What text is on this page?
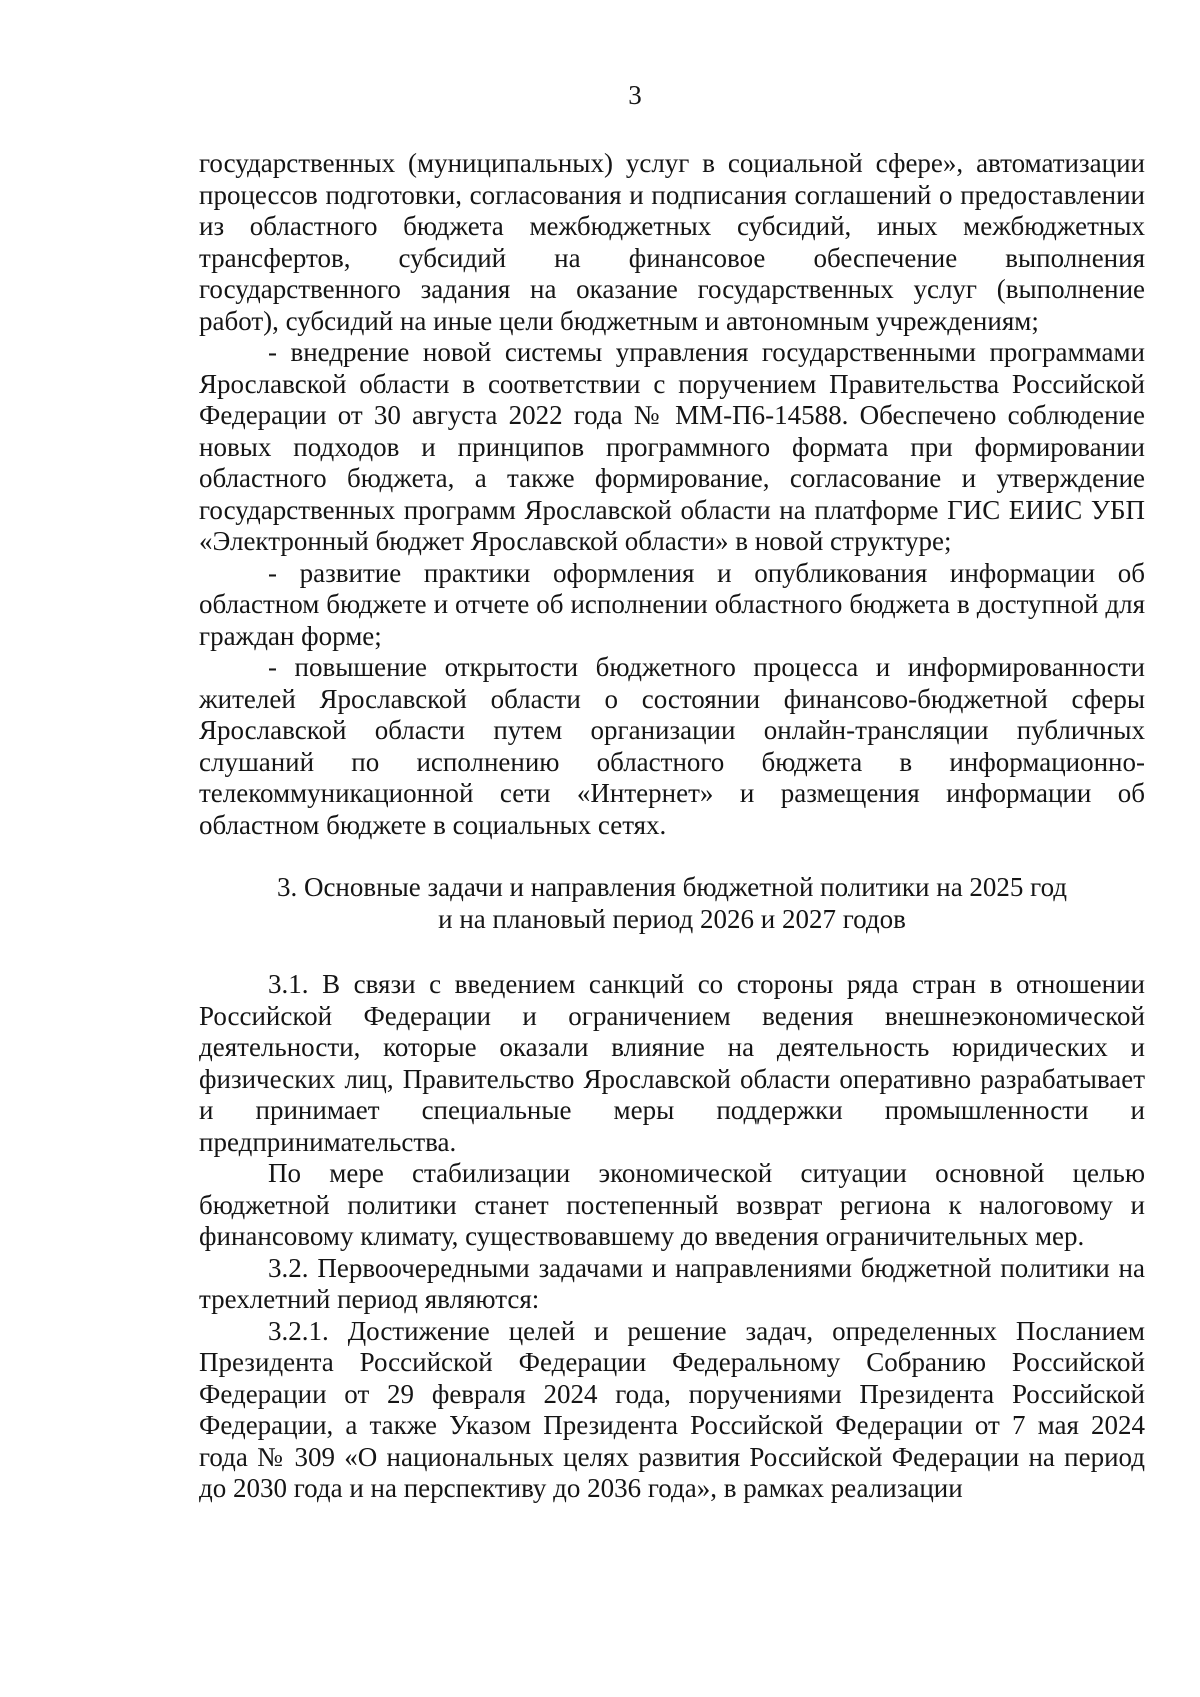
3

государственных (муниципальных) услуг в социальной сфере», автоматизации процессов подготовки, согласования и подписания соглашений о предоставлении из областного бюджета межбюджетных субсидий, иных межбюджетных трансфертов, субсидий на финансовое обеспечение выполнения государственного задания на оказание государственных услуг (выполнение работ), субсидий на иные цели бюджетным и автономным учреждениям;

- внедрение новой системы управления государственными программами Ярославской области в соответствии с поручением Правительства Российской Федерации от 30 августа 2022 года № ММ-П6-14588. Обеспечено соблюдение новых подходов и принципов программного формата при формировании областного бюджета, а также формирование, согласование и утверждение государственных программ Ярославской области на платформе ГИС ЕИИС УБП «Электронный бюджет Ярославской области» в новой структуре;

- развитие практики оформления и опубликования информации об областном бюджете и отчете об исполнении областного бюджета в доступной для граждан форме;

- повышение открытости бюджетного процесса и информированности жителей Ярославской области о состоянии финансово-бюджетной сферы Ярославской области путем организации онлайн-трансляции публичных слушаний по исполнению областного бюджета в информационно-телекоммуникационной сети «Интернет» и размещения информации об областном бюджете в социальных сетях.

3. Основные задачи и направления бюджетной политики на 2025 год
и на плановый период 2026 и 2027 годов

3.1. В связи с введением санкций со стороны ряда стран в отношении Российской Федерации и ограничением ведения внешнеэкономической деятельности, которые оказали влияние на деятельность юридических и физических лиц, Правительство Ярославской области оперативно разрабатывает и принимает специальные меры поддержки промышленности и предпринимательства.

По мере стабилизации экономической ситуации основной целью бюджетной политики станет постепенный возврат региона к налоговому и финансовому климату, существовавшему до введения ограничительных мер.

3.2. Первоочередными задачами и направлениями бюджетной политики на трехлетний период являются:

3.2.1. Достижение целей и решение задач, определенных Посланием Президента Российской Федерации Федеральному Собранию Российской Федерации от 29 февраля 2024 года, поручениями Президента Российской Федерации, а также Указом Президента Российской Федерации от 7 мая 2024 года № 309 «О национальных целях развития Российской Федерации на период до 2030 года и на перспективу до 2036 года», в рамках реализации
